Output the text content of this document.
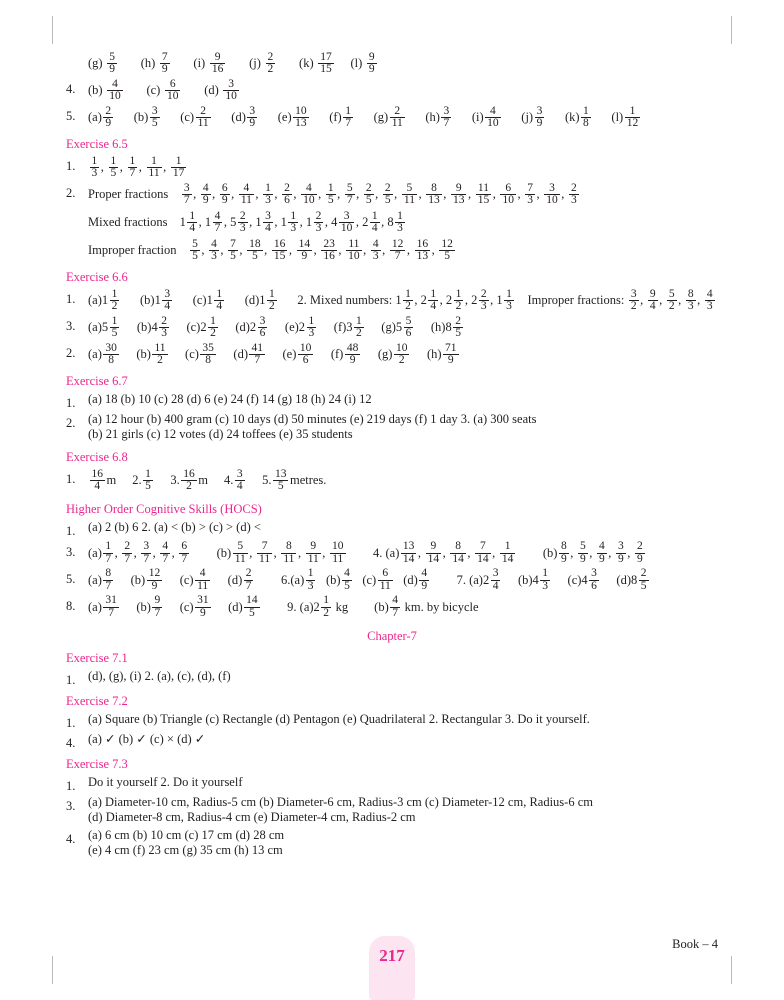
$(g) \frac{5}{9} (h) \frac{7}{9} (i) \frac{9}{16} (j) \frac{2}{2} (k) \frac{17}{15} (l) \frac{9}{9}$
4.	$(b) \frac{4}{10} (c) \frac{6}{10} (d) \frac{3}{10}$
5.	$(a) \frac{2}{9} (b) \frac{3}{5} (c) \frac{2}{11} (d) \frac{3}{9} (e) \frac{10}{13} (f) \frac{1}{7} (g) \frac{2}{11} (h) \frac{3}{7} (i) \frac{4}{10} (j) \frac{3}{9} (k) \frac{1}{8} (l) \frac{1}{12}$
Exercise 6.5
1.	$\frac{1}{3}$ , $\frac{1}{5}$ , $\frac{1}{7}$ , $\frac{1}{11}$ , $\frac{1}{17}$
2.	Proper fractions $\frac{3}{7}$ , $\frac{4}{9}$ , $\frac{6}{9}$ , $\frac{4}{11}$ , $\frac{1}{3}$ , $\frac{2}{6}$ , $\frac{4}{10}$ , $\frac{1}{5}$ , $\frac{5}{7}$ , $\frac{2}{5}$ , $\frac{2}{5}$ , $\frac{5}{11}$ , $\frac{8}{13}$ , $\frac{9}{13}$ , $\frac{11}{15}$ , $\frac{6}{10}$ , $\frac{7}{3}$ , $\frac{3}{10}$ , $\frac{2}{3}$
Mixed fractions $1 \frac{1}{4}$ , $1 \frac{4}{7}$ , $5 \frac{2}{3}$ , $1 \frac{3}{4}$ , $1 \frac{1}{3}$ , $1 \frac{2}{3}$ , $4 \frac{3}{10}$ , $2 \frac{1}{4}$ , $8 \frac{1}{3}$
Improper fraction $\frac{5}{5}$ , $\frac{4}{3}$ , $\frac{7}{5}$ , $\frac{18}{5}$ , $\frac{16}{15}$ , $\frac{14}{9}$ , $\frac{23}{16}$ , $\frac{11}{10}$ , $\frac{4}{3}$ , $\frac{12}{7}$ , $\frac{16}{13}$ , $\frac{12}{5}$
Exercise 6.6
1.	$(a)1 \frac{1}{2} (b)1 \frac{3}{4} (c)1 \frac{1}{4} (d)1 \frac{1}{2} 2$. Mixed numbers: $1 \frac{1}{2}$ , $2 \frac{1}{4}$ , $2 \frac{1}{2}$ , $2 \frac{2}{3}$ , $1 \frac{1}{3}$ Improper fractions: $\frac{3}{2}$ , $\frac{9}{4}$ , $\frac{5}{2}$ , $\frac{8}{3}$ , $\frac{4}{3}$
3.	$(a)5 \frac{1}{5} (b)4 \frac{2}{3} (c)2 \frac{1}{2} (d)2 \frac{3}{6} (e)2 \frac{1}{3} (f)3 \frac{1}{2} (g)5 \frac{5}{6} (h)8 \frac{2}{5}$
2.	$(a) \frac{30}{8} (b) \frac{11}{2} (c) \frac{35}{8} (d) \frac{41}{7} (e) \frac{10}{6} (f) \frac{48}{9} (g) \frac{10}{2} (h) \frac{71}{9}$
Exercise 6.7
1.	(a) 18 (b) 10 (c) 28 (d) 6 (e) 24 (f) 14 (g) 18 (h) 24 (i) 12
2.	(a) 12 hour (b) 400 gram (c) 10 days (d) 50 minutes (e) 219 days (f) 1 day 3. (a) 300 seats
(b) 21 girls (c) 12 votes (d) 24 toffees (e) 35 students
Exercise 6.8
1.	$\frac{16}{4}$ m 2. $\frac{1}{5} 3$. $\frac{16}{2}$ m 4. $\frac{3}{4} 5$. $\frac{13}{5}$ metres.
Higher Order Cognitive Skills (HOCS)
1.	(a) 2 (b) 6 2. (a) < (b) > (c) > (d) <
3.	$(a) \frac{1}{7}$ , $\frac{2}{7}$ , $\frac{3}{7}$ , $\frac{4}{7}$ , $\frac{6}{7} (b) \frac{5}{11}$ , $\frac{7}{11}$ , $\frac{8}{11}$ , $\frac{9}{11}$ , $\frac{10}{11} 4$. $(a) \frac{13}{14}$ , $\frac{9}{14}$ , $\frac{8}{14}$ , $\frac{7}{14}$ , $\frac{1}{14} (b) \frac{8}{9}$ , $\frac{5}{9}$ , $\frac{4}{9}$ , $\frac{3}{9}$ , $\frac{2}{9}$
5.	$(a) \frac{8}{7} (b) \frac{12}{9} (c) \frac{4}{11} (d) \frac{2}{7} 6.(a) \frac{1}{3} (b) \frac{4}{5} (c) \frac{6}{11} (d) \frac{4}{9} 7$. $(a)2 \frac{3}{4} (b)4 \frac{1}{3} (c)4 \frac{3}{6} (d)8 \frac{2}{5}$
8.	$(a) \frac{31}{7} (b) \frac{9}{7} (c) \frac{31}{9} (d) \frac{14}{5} 9$. $(a)2 \frac{1}{2}$ kg $(b) \frac{4}{7}$ km. by bicycle
Chapter-7
Exercise 7.1
1.	(d), (g), (i) 2. (a), (c), (d), (f)
Exercise 7.2
1.	(a) Square (b) Triangle (c) Rectangle (d) Pentagon (e) Quadrilateral 2. Rectangular 3. Do it yourself.
4.	(a) ✓ (b) ✓ (c) × (d) ✓
Exercise 7.3
1.	Do it yourself 2. Do it yourself
3.	(a) Diameter-10 cm, Radius-5 cm (b) Diameter-6 cm, Radius-3 cm (c) Diameter-12 cm, Radius-6 cm
(d) Diameter-8 cm, Radius-4 cm (e) Diameter-4 cm, Radius-2 cm
4.	(a) 6 cm (b) 10 cm (c) 17 cm (d) 28 cm
(e) 4 cm (f) 23 cm (g) 35 cm (h) 13 cm
Book – 4
217
